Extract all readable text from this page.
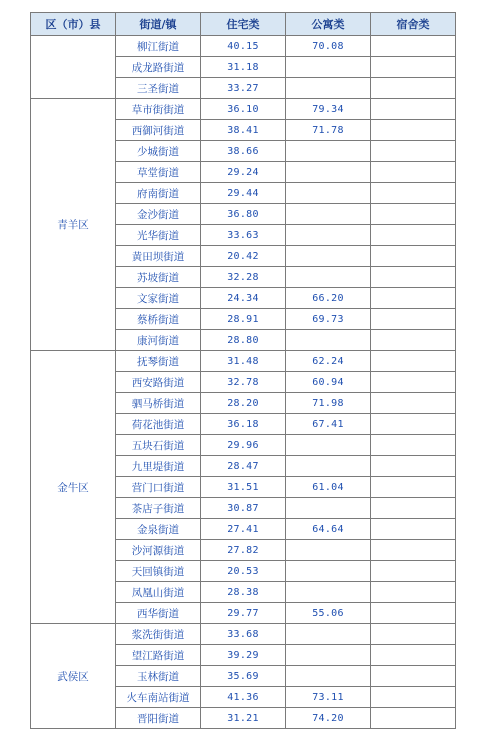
区（市）县	街道/镇	住宅类	公寓类	宿舍类
	柳江街道	40.15	70.08	
	成龙路街道	31.18		
	三圣街道	33.27		
青羊区	草市街街道	36.10	79.34	
	西御河街道	38.41	71.78	
	少城街道	38.66		
	草堂街道	29.24		
	府南街道	29.44		
	金沙街道	36.80		
	光华街道	33.63		
	黄田坝街道	20.42		
	苏坡街道	32.28		
	文家街道	24.34	66.20	
	蔡桥街道	28.91	69.73	
	康河街道	28.80		
金牛区	抚琴街道	31.48	62.24	
	西安路街道	32.78	60.94	
	驷马桥街道	28.20	71.98	
	荷花池街道	36.18	67.41	
	五块石街道	29.96		
	九里堤街道	28.47		
	营门口街道	31.51	61.04	
	茶店子街道	30.87		
	金泉街道	27.41	64.64	
	沙河源街道	27.82		
	天回镇街道	20.53		
	凤凰山街道	28.38		
	西华街道	29.77	55.06	
武侯区	浆洗街街道	33.68		
	望江路街道	39.29		
	玉林街道	35.69		
	火车南站街道	41.36	73.11	
	晋阳街道	31.21	74.20	
